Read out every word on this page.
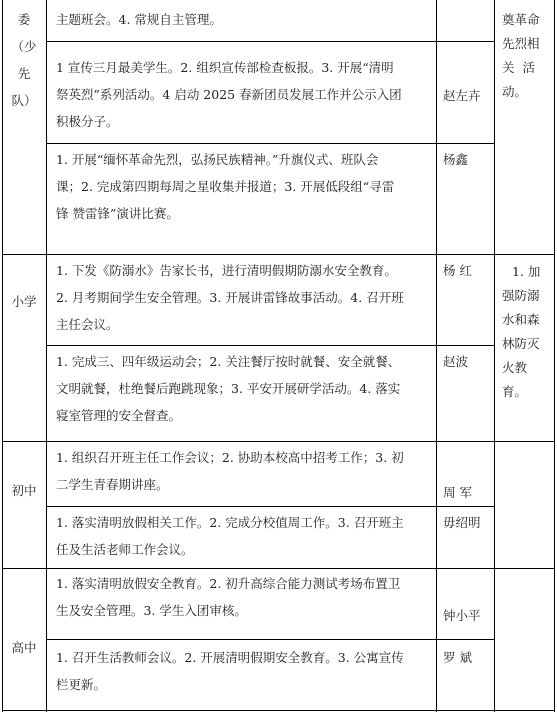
委
（少
先
队）
主题班会。4. 常规自主管理。
1 宣传三月最美学生。2. 组织宣传部检查板报。3. 开展“清明
祭英烈”系列活动。4 启动 2025 春新团员发展工作并公示入团
积极分子。
赵左卉
1. 开展“缅怀革命先烈，弘扬民族精神。”升旗仪式、班队会
课；2. 完成第四期每周之星收集并报道；3. 开展低段组“寻雷
锋 赞雷锋”演讲比赛。
杨鑫
奠革命
先烈相
关 活
动。
小学
1. 下发《防溺水》告家长书，进行清明假期防溺水安全教育。
2. 月考期间学生安全管理。3. 开展讲雷锋故事活动。4. 召开班
主任会议。
杨 红
1. 完成三、四年级运动会；2. 关注餐厅按时就餐、安全就餐、
文明就餐，杜绝餐后跑跳现象；3. 平安开展研学活动。4. 落实
寝室管理的安全督查。
赵波
1. 加
强防溺
水和森
林防灭
火教
育。
初中
1. 组织召开班主任工作会议；2. 协助本校高中招考工作；3. 初
二学生青春期讲座。
周 军
1. 落实清明放假相关工作。2. 完成分校值周工作。3. 召开班主
任及生活老师工作会议。
毋绍明
高中
1. 落实清明放假安全教育。2. 初升高综合能力测试考场布置卫
生及安全管理。3. 学生入团审核。	钟小平
1. 召开生活教师会议。2. 开展清明假期安全教育。3. 公寓宣传
栏更新。
罗 斌
